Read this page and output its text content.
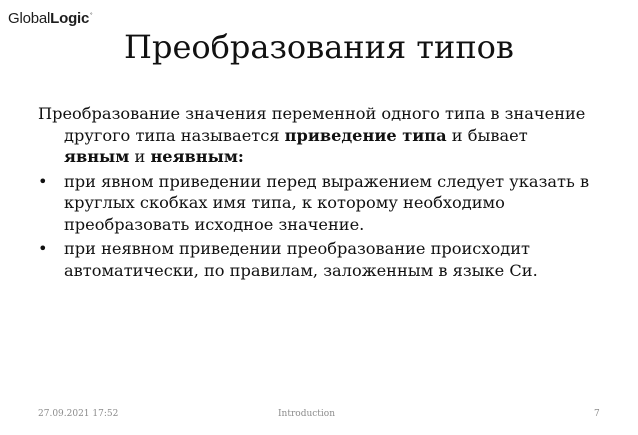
GlobalLogic°
Преобразования типов

Преобразование значения переменной одного типа в значение другого типа называется приведение типа и бывает явным и неявным:

•	при явном приведении перед выражением следует указать в круглых скобках имя типа, к которому необходимо преобразовать исходное значение.
•	при неявном приведении преобразование происходит автоматически, по правилам, заложенным в языке Си.
27.09.2021 17:52	Introduction	7
